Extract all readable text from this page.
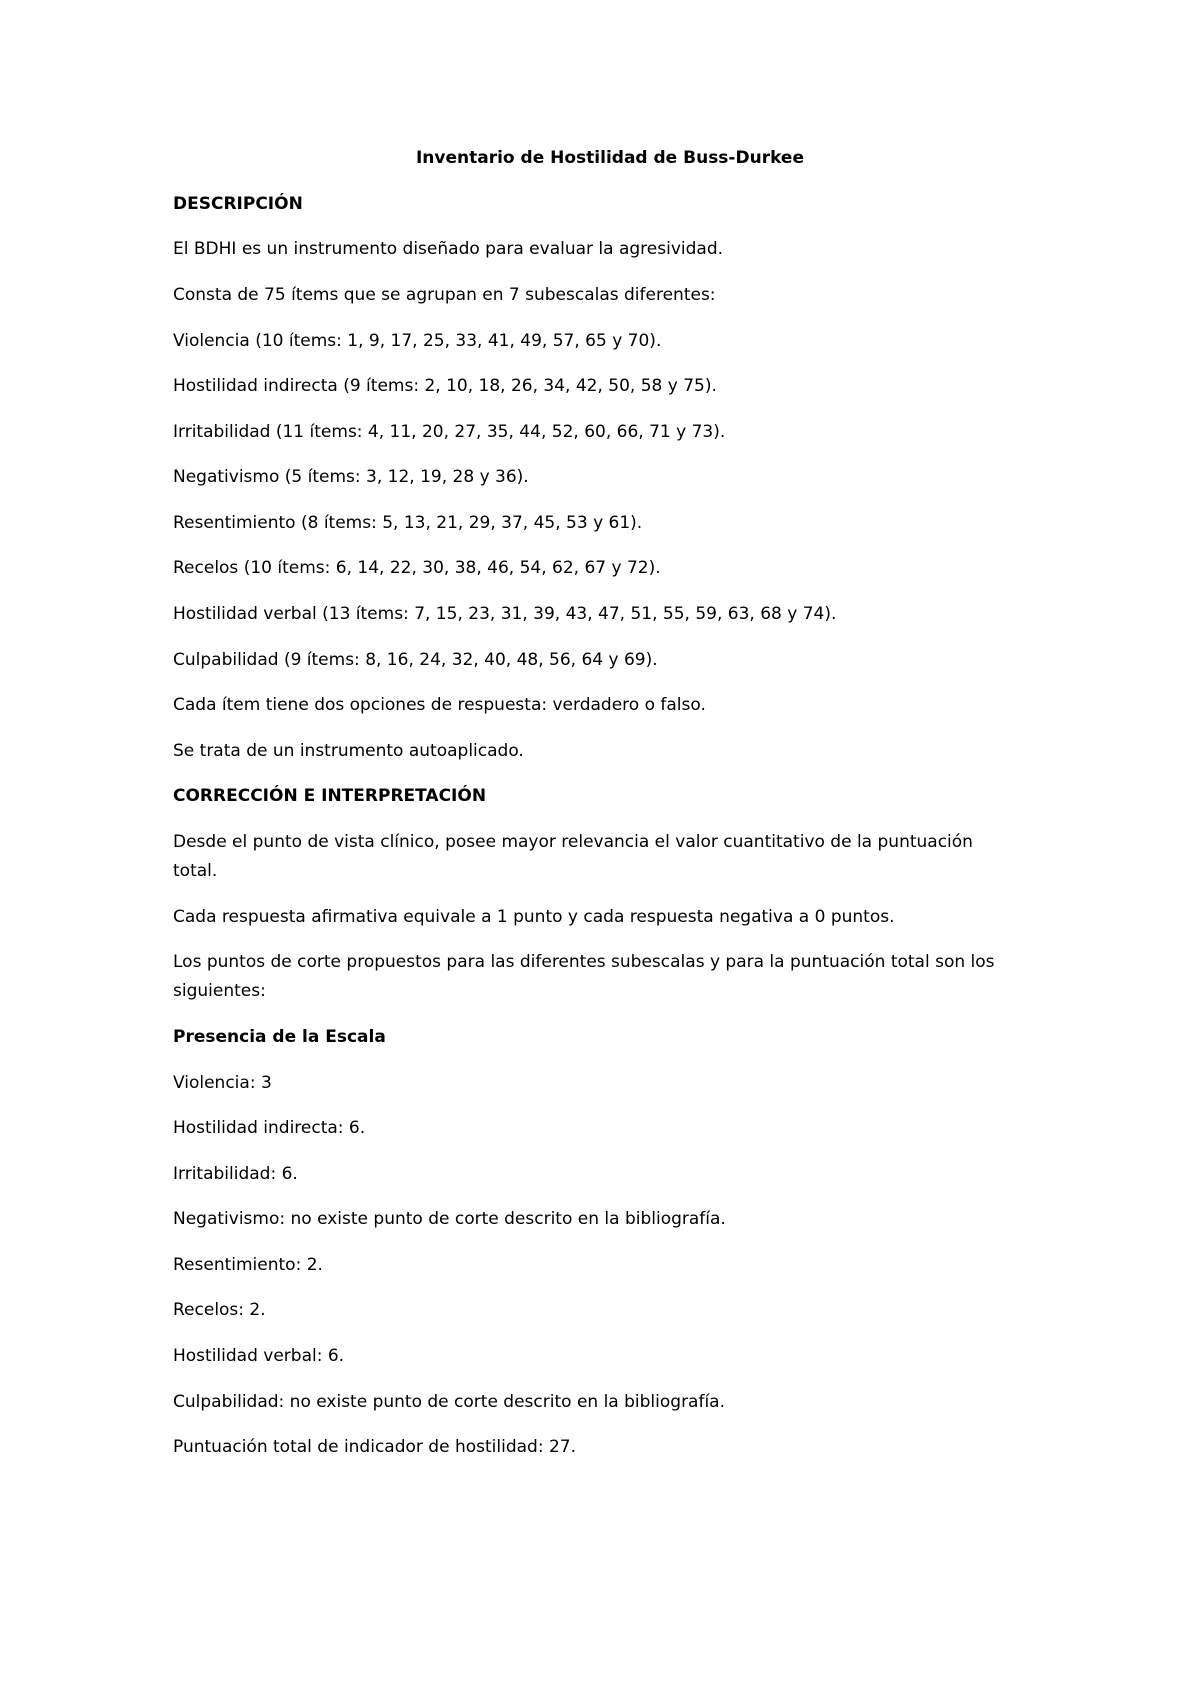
Inventario de Hostilidad de Buss-Durkee

DESCRIPCIÓN

El BDHI es un instrumento diseñado para evaluar la agresividad.

Consta de 75 ítems que se agrupan en 7 subescalas diferentes:

Violencia (10 ítems: 1, 9, 17, 25, 33, 41, 49, 57, 65 y 70).

Hostilidad indirecta (9 ítems: 2, 10, 18, 26, 34, 42, 50, 58 y 75).

Irritabilidad (11 ítems: 4, 11, 20, 27, 35, 44, 52, 60, 66, 71 y 73).

Negativismo (5 ítems: 3, 12, 19, 28 y 36).

Resentimiento (8 ítems: 5, 13, 21, 29, 37, 45, 53 y 61).

Recelos (10 ítems: 6, 14, 22, 30, 38, 46, 54, 62, 67 y 72).

Hostilidad verbal (13 ítems: 7, 15, 23, 31, 39, 43, 47, 51, 55, 59, 63, 68 y 74).

Culpabilidad (9 ítems: 8, 16, 24, 32, 40, 48, 56, 64 y 69).

Cada ítem tiene dos opciones de respuesta: verdadero o falso.

Se trata de un instrumento autoaplicado.

CORRECCIÓN E INTERPRETACIÓN

Desde el punto de vista clínico, posee mayor relevancia el valor cuantitativo de la puntuación

total.

Cada respuesta afirmativa equivale a 1 punto y cada respuesta negativa a 0 puntos.

Los puntos de corte propuestos para las diferentes subescalas y para la puntuación total son los

siguientes:

Presencia de la Escala

Violencia: 3

Hostilidad indirecta: 6.

Irritabilidad: 6.

Negativismo: no existe punto de corte descrito en la bibliografía.

Resentimiento: 2.

Recelos: 2.

Hostilidad verbal: 6.

Culpabilidad: no existe punto de corte descrito en la bibliografía.

Puntuación total de indicador de hostilidad: 27.
